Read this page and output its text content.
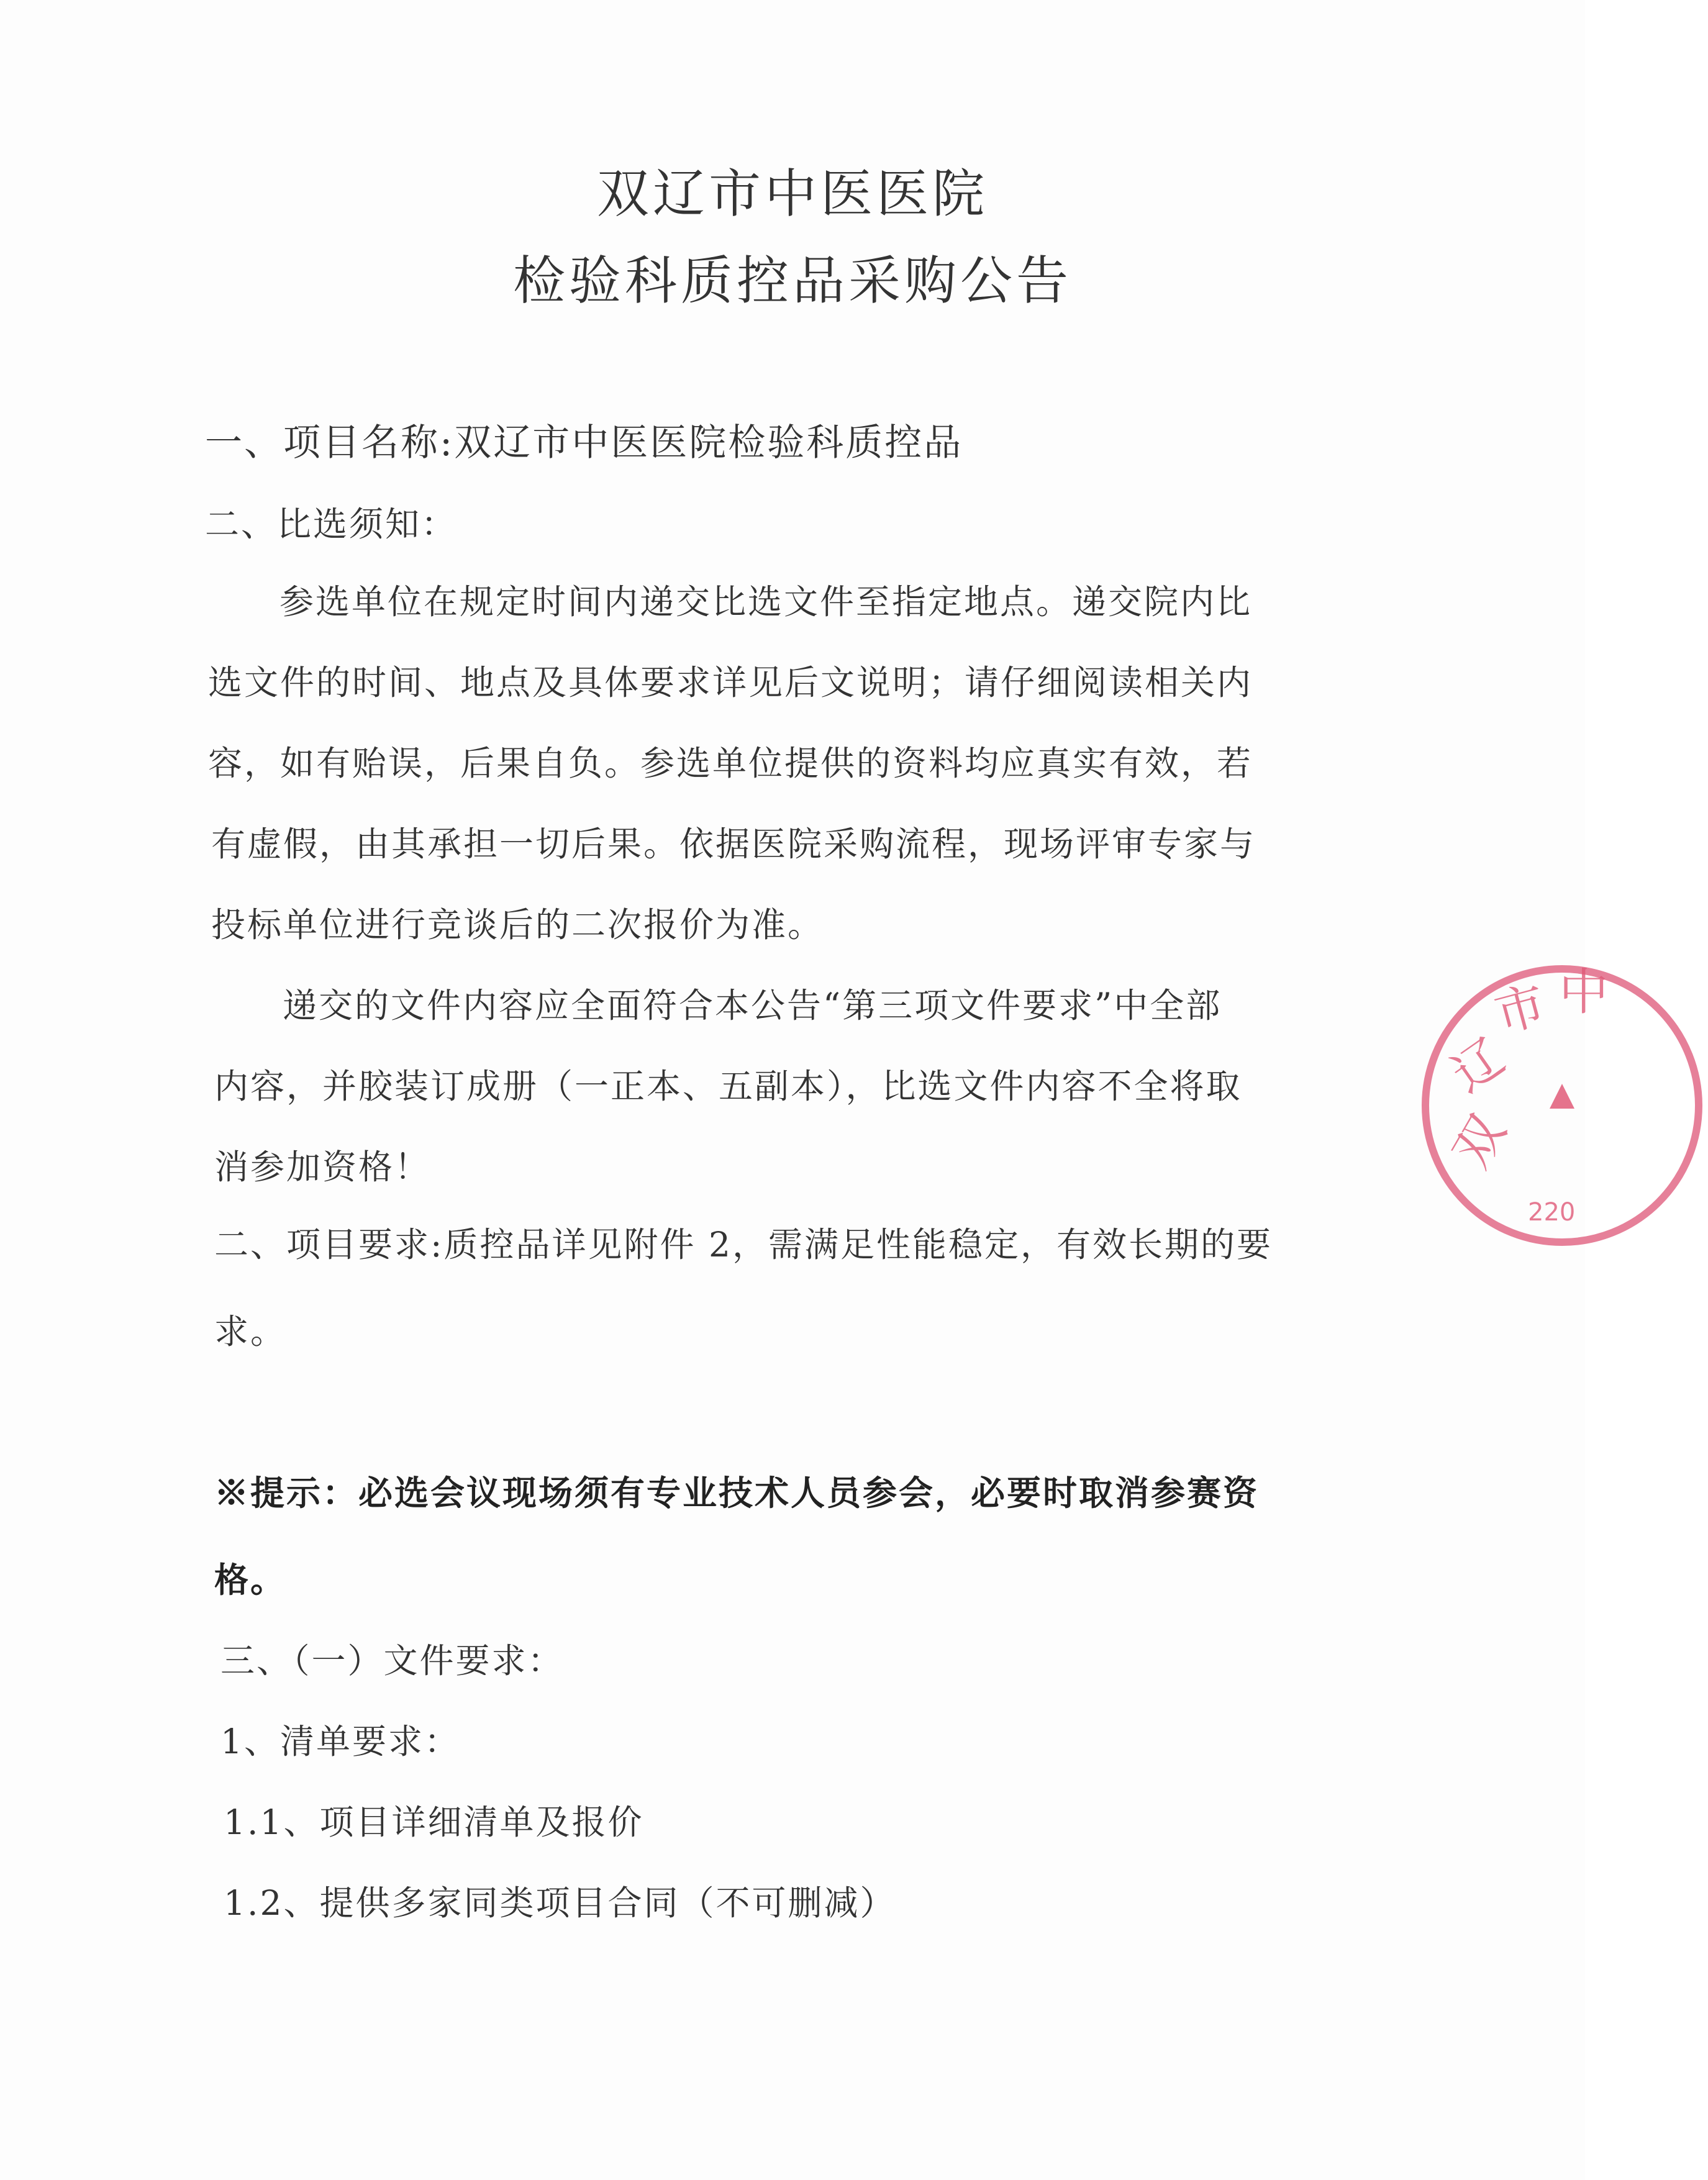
双辽市中医医院
检验科质控品采购公告
一、项目名称:双辽市中医医院检验科质控品
二、比选须知：
参选单位在规定时间内递交比选文件至指定地点。递交院内比
选文件的时间、地点及具体要求详见后文说明；请仔细阅读相关内
容，如有贻误，后果自负。参选单位提供的资料均应真实有效，若
有虚假，由其承担一切后果。依据医院采购流程，现场评审专家与
投标单位进行竞谈后的二次报价为准。
递交的文件内容应全面符合本公告“第三项文件要求”中全部
内容，并胶装订成册（一正本、五副本），比选文件内容不全将取
消参加资格！
二、项目要求:质控品详见附件 2，需满足性能稳定，有效长期的要
求。
※提示：必选会议现场须有专业技术人员参会，必要时取消参赛资
格。
三、（一）文件要求：
1、清单要求：
1.1、项目详细清单及报价
1.2、提供多家同类项目合同（不可删减）
双
辽
市 中
220
